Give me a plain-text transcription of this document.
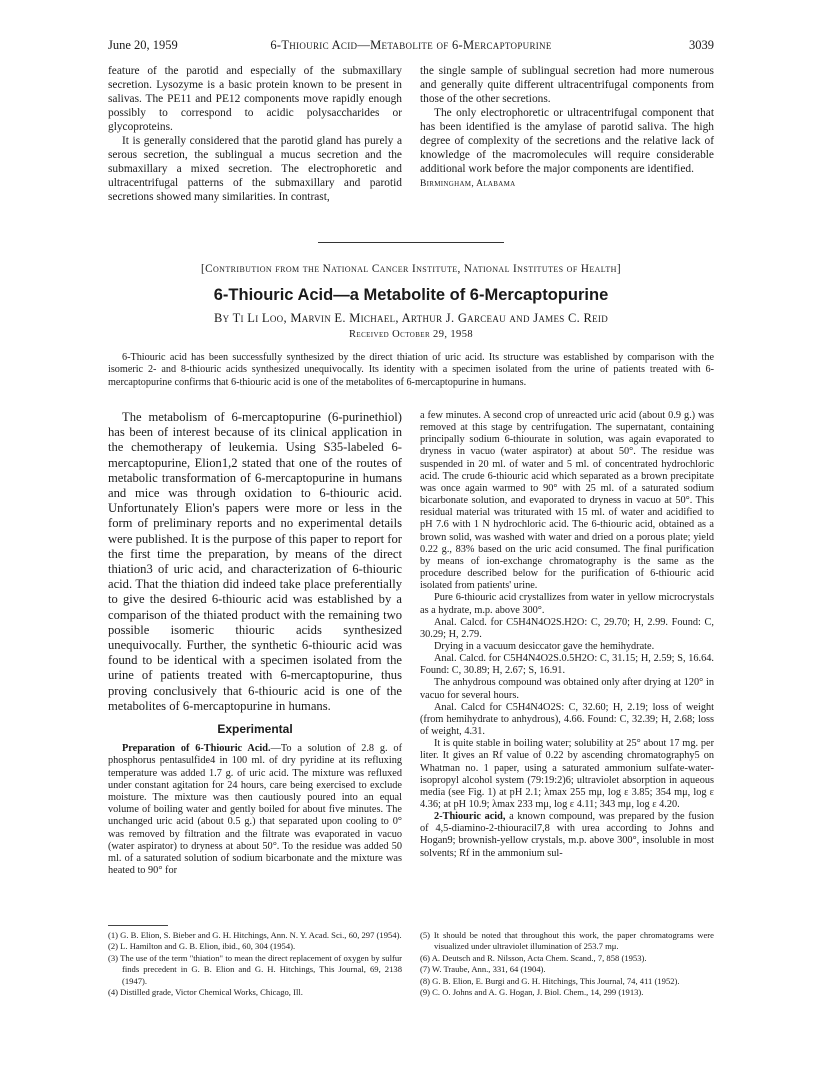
June 20, 1959	6-Thiouric Acid—Metabolite of 6-Mercaptopurine	3039

feature of the parotid and especially of the submaxillary secretion. Lysozyme is a basic protein known to be present in salivas. The PE11 and PE12 components move rapidly enough possibly to correspond to acidic polysaccharides or glycoproteins.

It is generally considered that the parotid gland has purely a serous secretion, the sublingual a mucus secretion and the submaxillary a mixed secretion. The electrophoretic and ultracentrifugal patterns of the submaxillary and parotid secretions showed many similarities. In contrast,

the single sample of sublingual secretion had more numerous and generally quite different ultracentrifugal components from those of the other secretions.

The only electrophoretic or ultracentrifugal component that has been identified is the amylase of parotid saliva. The high degree of complexity of the secretions and the relative lack of knowledge of the macromolecules will require considerable additional work before the major components are identified.

Birmingham, Alabama

[Contribution from the National Cancer Institute, National Institutes of Health]
6-Thiouric Acid—a Metabolite of 6-Mercaptopurine
By Ti Li Loo, Marvin E. Michael, Arthur J. Garceau and James C. Reid
Received October 29, 1958

6-Thiouric acid has been successfully synthesized by the direct thiation of uric acid. Its structure was established by comparison with the isomeric 2- and 8-thiouric acids synthesized unequivocally. Its identity with a specimen isolated from the urine of patients treated with 6-mercaptopurine confirms that 6-thiouric acid is one of the metabolites of 6-mercaptopurine in humans.

The metabolism of 6-mercaptopurine (6-purinethiol) has been of interest because of its clinical application in the chemotherapy of leukemia. Using S35-labeled 6-mercaptopurine, Elion1,2 stated that one of the routes of metabolic transformation of 6-mercaptopurine in humans and mice was through oxidation to 6-thiouric acid. Unfortunately Elion's papers were more or less in the form of preliminary reports and no experimental details were published. It is the purpose of this paper to report for the first time the preparation, by means of the direct thiation3 of uric acid, and characterization of 6-thiouric acid. That the thiation did indeed take place preferentially to give the desired 6-thiouric acid was established by a comparison of the thiated product with the remaining two possible isomeric thiouric acids synthesized unequivocally. Further, the synthetic 6-thiouric acid was found to be identical with a specimen isolated from the urine of patients treated with 6-mercaptopurine, thus proving conclusively that 6-thiouric acid is one of the metabolites of 6-mercaptopurine in humans.

Experimental

Preparation of 6-Thiouric Acid.—To a solution of 2.8 g. of phosphorus pentasulfide4 in 100 ml. of dry pyridine at its refluxing temperature was added 1.7 g. of uric acid. The mixture was refluxed under constant agitation for 24 hours, care being exercised to exclude moisture. The mixture was then cautiously poured into an equal volume of boiling water and gently boiled for about five minutes. The unchanged uric acid (about 0.5 g.) that separated upon cooling to 0° was removed by filtration and the filtrate was evaporated in vacuo (water aspirator) to dryness at about 50°. To the residue was added 50 ml. of a saturated solution of sodium bicarbonate and the mixture was heated to 90° for

a few minutes. A second crop of unreacted uric acid (about 0.9 g.) was removed at this stage by centrifugation. The supernatant, containing principally sodium 6-thiourate in solution, was again evaporated to dryness in vacuo (water aspirator) at about 50°. The residue was suspended in 20 ml. of water and 5 ml. of concentrated hydrochloric acid. The crude 6-thiouric acid which separated as a brown precipitate was once again warmed to 90° with 25 ml. of a saturated sodium bicarbonate solution, and evaporated to dryness in vacuo at 50°. This residual material was triturated with 15 ml. of water and acidified to pH 7.6 with 1 N hydrochloric acid. The 6-thiouric acid, obtained as a brown solid, was washed with water and dried on a porous plate; yield 0.22 g., 83% based on the uric acid consumed. The final purification by means of ion-exchange chromatography is the same as the procedure described below for the purification of 6-thiouric acid isolated from patients' urine.

Pure 6-thiouric acid crystallizes from water in yellow microcrystals as a hydrate, m.p. above 300°.

Anal. Calcd. for C5H4N4O2S.H2O: C, 29.70; H, 2.99. Found: C, 30.29; H, 2.79.

Drying in a vacuum desiccator gave the hemihydrate.

Anal. Calcd. for C5H4N4O2S.0.5H2O: C, 31.15; H, 2.59; S, 16.64. Found: C, 30.89; H, 2.67; S, 16.91.

The anhydrous compound was obtained only after drying at 120° in vacuo for several hours.

Anal. Calcd for C5H4N4O2S: C, 32.60; H, 2.19; loss of weight (from hemihydrate to anhydrous), 4.66. Found: C, 32.39; H, 2.68; loss of weight, 4.31.

It is quite stable in boiling water; solubility at 25° about 17 mg. per liter. It gives an Rf value of 0.22 by ascending chromatography5 on Whatman no. 1 paper, using a saturated ammonium sulfate-water-isopropyl alcohol system (79:19:2)6; ultraviolet absorption in aqueous media (see Fig. 1) at pH 2.1; λmax 255 mμ, log ε 3.85; 354 mμ, log ε 4.36; at pH 10.9; λmax 233 mμ, log ε 4.11; 343 mμ, log ε 4.20.

2-Thiouric acid, a known compound, was prepared by the fusion of 4,5-diamino-2-thiouracil7,8 with urea according to Johns and Hogan9; brownish-yellow crystals, m.p. above 300°, insoluble in most solvents; Rf in the ammonium sul-

(1) G. B. Elion, S. Bieber and G. H. Hitchings, Ann. N. Y. Acad. Sci., 60, 297 (1954).

(2) L. Hamilton and G. B. Elion, ibid., 60, 304 (1954).

(3) The use of the term "thiation" to mean the direct replacement of oxygen by sulfur finds precedent in G. B. Elion and G. H. Hitchings, This Journal, 69, 2138 (1947).

(4) Distilled grade, Victor Chemical Works, Chicago, Ill.

(5) It should be noted that throughout this work, the paper chromatograms were visualized under ultraviolet illumination of 253.7 mμ.

(6) A. Deutsch and R. Nilsson, Acta Chem. Scand., 7, 858 (1953).

(7) W. Traube, Ann., 331, 64 (1904).

(8) G. B. Elion, E. Burgi and G. H. Hitchings, This Journal, 74, 411 (1952).

(9) C. O. Johns and A. G. Hogan, J. Biol. Chem., 14, 299 (1913).
